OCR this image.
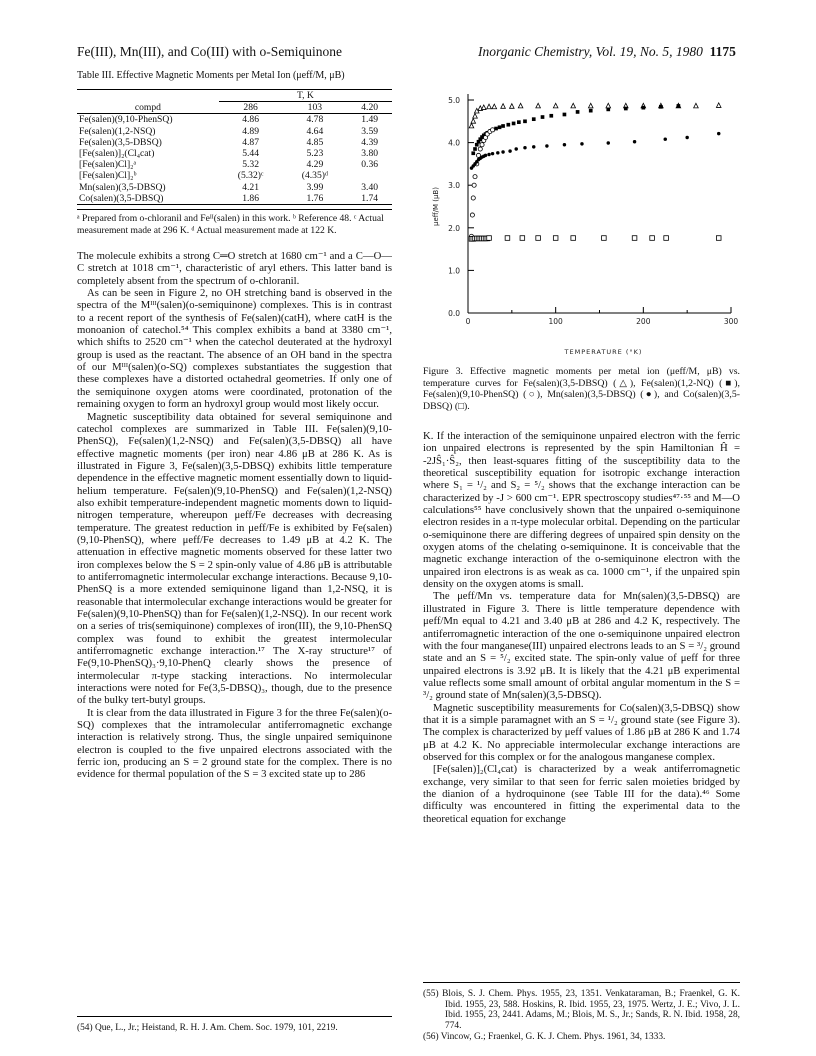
Fe(III), Mn(III), and Co(III) with o-Semiquinone	Inorganic Chemistry, Vol. 19, No. 5, 1980 1175
Table III. Effective Magnetic Moments per Metal Ion (μeff/M, μB)
	T, K		
compd	286	103	4.20
Fe(salen)(9,10-PhenSQ)	4.86	4.78	1.49
Fe(salen)(1,2-NSQ)	4.89	4.64	3.59
Fe(salen)(3,5-DBSQ)	4.87	4.85	4.39
[Fe(salen)]₂(Cl₄cat)	5.44	5.23	3.80
[Fe(salen)Cl]₂ᵃ	5.32	4.29	0.36
[Fe(salen)Cl]₂ᵇ	(5.32)ᶜ	(4.35)ᵈ	
Mn(salen)(3,5-DBSQ)	4.21	3.99	3.40
Co(salen)(3,5-DBSQ)	1.86	1.76	1.74
ᵃ Prepared from o-chloranil and Feᴵᴵ(salen) in this work. ᵇ Reference 48. ᶜ Actual measurement made at 296 K. ᵈ Actual measurement made at 122 K.

The molecule exhibits a strong C═O stretch at 1680 cm⁻¹ and a C—O—C stretch at 1018 cm⁻¹, characteristic of aryl ethers. This latter band is completely absent from the spectrum of o-chloranil.

As can be seen in Figure 2, no OH stretching band is observed in the spectra of the Mᴵᴵᴵ(salen)(o-semiquinone) complexes. This is in contrast to a recent report of the synthesis of Fe(salen)(catH), where catH is the monoanion of catechol.⁵⁴ This complex exhibits a band at 3380 cm⁻¹, which shifts to 2520 cm⁻¹ when the catechol deuterated at the hydroxyl group is used as the reactant. The absence of an OH band in the spectra of our Mᴵᴵᴵ(salen)(o-SQ) complexes substantiates the suggestion that these complexes have a distorted octahedral geometries. If only one of the semiquinone oxygen atoms were coordinated, protonation of the remaining oxygen to form an hydroxyl group would most likely occur.

Magnetic susceptibility data obtained for several semiquinone and catechol complexes are summarized in Table III. Fe(salen)(9,10-PhenSQ), Fe(salen)(1,2-NSQ) and Fe(salen)(3,5-DBSQ) all have effective magnetic moments (per iron) near 4.86 μB at 286 K. As is illustrated in Figure 3, Fe(salen)(3,5-DBSQ) exhibits little temperature dependence in the effective magnetic moment essentially down to liquid-helium temperature. Fe(salen)(9,10-PhenSQ) and Fe(salen)(1,2-NSQ) also exhibit temperature-independent magnetic moments down to liquid-nitrogen temperature, whereupon μeff/Fe decreases with decreasing temperature. The greatest reduction in μeff/Fe is exhibited by Fe(salen)(9,10-PhenSQ), where μeff/Fe decreases to 1.49 μB at 4.2 K. The attenuation in effective magnetic moments observed for these latter two iron complexes below the S = 2 spin-only value of 4.86 μB is attributable to antiferromagnetic intermolecular exchange interactions. Because 9,10-PhenSQ is a more extended semiquinone ligand than 1,2-NSQ, it is reasonable that intermolecular exchange interactions would be greater for Fe(salen)(9,10-PhenSQ) than for Fe(salen)(1,2-NSQ). In our recent work on a series of tris(semiquinone) complexes of iron(III), the 9,10-PhenSQ complex was found to exhibit the greatest intermolecular antiferromagnetic exchange interaction.¹⁷ The X-ray structure¹⁷ of Fe(9,10-PhenSQ)₃·9,10-PhenQ clearly shows the presence of intermolecular π-type stacking interactions. No intermolecular interactions were noted for Fe(3,5-DBSQ)₃, though, due to the presence of the bulky tert-butyl groups.

It is clear from the data illustrated in Figure 3 for the three Fe(salen)(o-SQ) complexes that the intramolecular antiferromagnetic exchange interaction is relatively strong. Thus, the single unpaired semiquinone electron is coupled to the five unpaired electrons associated with the ferric ion, producing an S = 2 ground state for the complex. There is no evidence for thermal population of the S = 3 excited state up to 286

(54) Que, L., Jr.; Heistand, R. H. J. Am. Chem. Soc. 1979, 101, 2219.

0.0
1.0
2.0
3.0
4.0
5.0
0	100	200	300
TEMPERATURE (°K)
μeff/M (μB)

Figure 3. Effective magnetic moments per metal ion (μeff/M, μB) vs. temperature curves for Fe(salen)(3,5-DBSQ) (△), Fe(salen)(1,2-NQ) (■), Fe(salen)(9,10-PhenSQ) (○), Mn(salen)(3,5-DBSQ) (●), and Co(salen)(3,5-DBSQ) (□).

K. If the interaction of the semiquinone unpaired electron with the ferric ion unpaired electrons is represented by the spin Hamiltonian Ĥ = -2JŜ₁·Ŝ₂, then least-squares fitting of the susceptibility data to the theoretical susceptibility equation for isotropic exchange interaction where S₁ = ¹/₂ and S₂ = ⁵/₂ shows that the exchange interaction can be characterized by -J > 600 cm⁻¹. EPR spectroscopy studies⁴⁷·⁵⁵ and M—O calculations⁵⁵ have conclusively shown that the unpaired o-semiquinone electron resides in a π-type molecular orbital. Depending on the particular o-semiquinone there are differing degrees of unpaired spin density on the oxygen atoms of the chelating o-semiquinone. It is conceivable that the magnetic exchange interaction of the o-semiquinone electron with the unpaired iron electrons is as weak as ca. 1000 cm⁻¹, if the unpaired spin density on the oxygen atoms is small.

The μeff/Mn vs. temperature data for Mn(salen)(3,5-DBSQ) are illustrated in Figure 3. There is little temperature dependence with μeff/Mn equal to 4.21 and 3.40 μB at 286 and 4.2 K, respectively. The antiferromagnetic interaction of the one o-semiquinone unpaired electron with the four manganese(III) unpaired electrons leads to an S = ³/₂ ground state and an S = ⁵/₂ excited state. The spin-only value of μeff for three unpaired electrons is 3.92 μB. It is likely that the 4.21 μB experimental value reflects some small amount of orbital angular momentum in the S = ³/₂ ground state of Mn(salen)(3,5-DBSQ).

Magnetic susceptibility measurements for Co(salen)(3,5-DBSQ) show that it is a simple paramagnet with an S = ¹/₂ ground state (see Figure 3). The complex is characterized by μeff values of 1.86 μB at 286 K and 1.74 μB at 4.2 K. No appreciable intermolecular exchange interactions are observed for this complex or for the analogous manganese complex.

[Fe(salen)]₂(Cl₄cat) is characterized by a weak antiferromagnetic exchange, very similar to that seen for ferric salen moieties bridged by the dianion of a hydroquinone (see Table III for the data).⁴⁶ Some difficulty was encountered in fitting the experimental data to the theoretical equation for exchange

(55) Blois, S. J. Chem. Phys. 1955, 23, 1351. Venkataraman, B.; Fraenkel, G. K. Ibid. 1955, 23, 588. Hoskins, R. Ibid. 1955, 23, 1975. Wertz, J. E.; Vivo, J. L. Ibid. 1955, 23, 2441. Adams, M.; Blois, M. S., Jr.; Sands, R. N. Ibid. 1958, 28, 774.

(56) Vincow, G.; Fraenkel, G. K. J. Chem. Phys. 1961, 34, 1333.
